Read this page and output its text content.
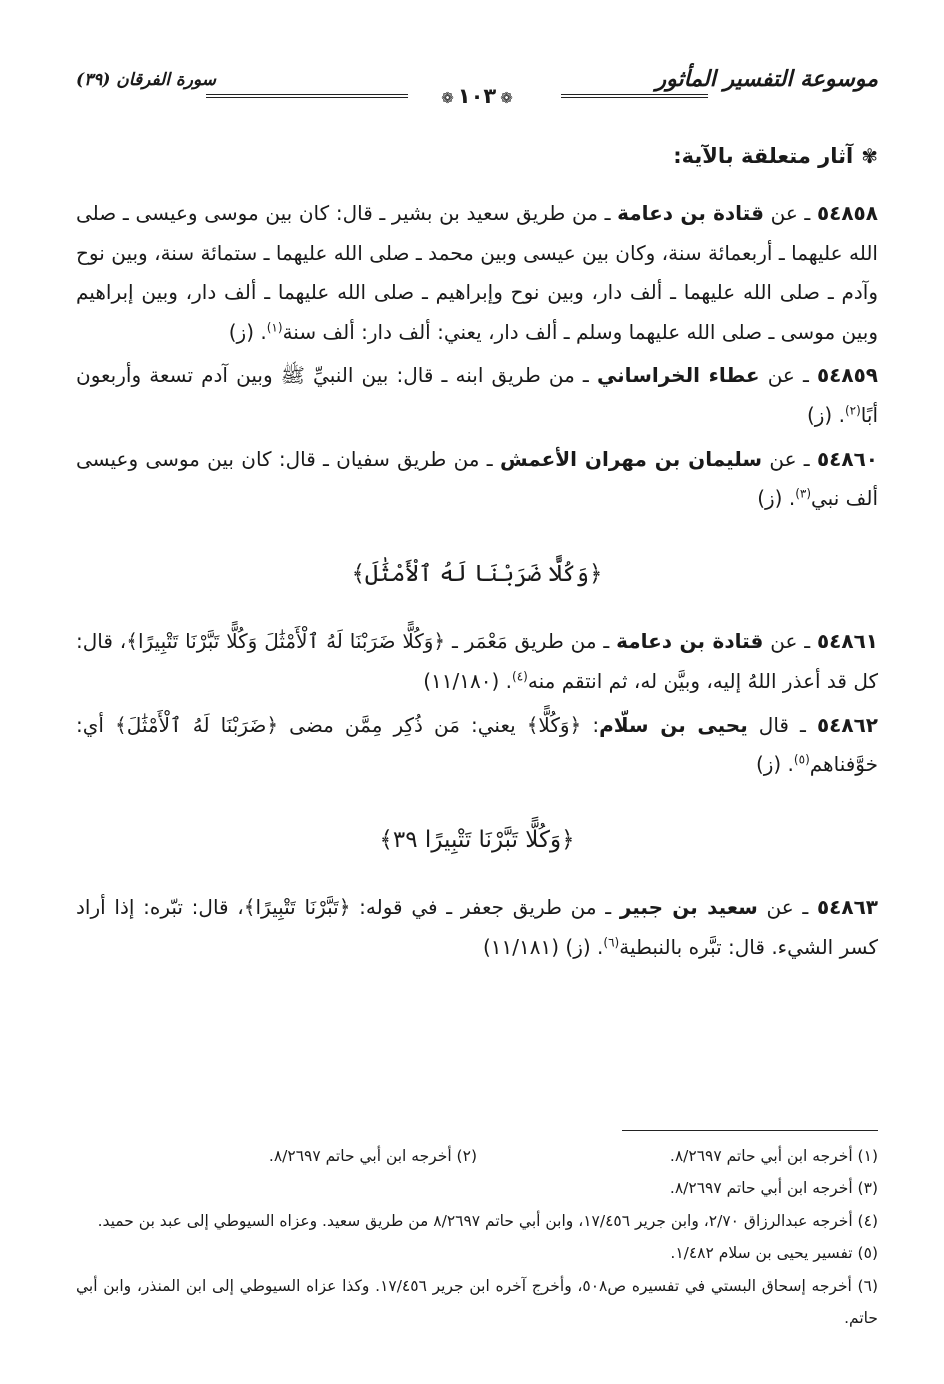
موسوعة التفسير المأثور
❁١٠٣❁
سورة الفرقان (٣٩)
✾آثار متعلقة بالآية:

٥٤٨٥٨ ـ عن قتادة بن دعامة ـ من طريق سعيد بن بشير ـ قال: كان بين موسى وعيسى ـ صلى الله عليهما ـ أربعمائة سنة، وكان بين عيسى وبين محمد ـ صلى الله عليهما ـ ستمائة سنة، وبين نوح وآدم ـ صلى الله عليهما ـ ألف دار، وبين نوح وإبراهيم ـ صلى الله عليهما ـ ألف دار، وبين إبراهيم وبين موسى ـ صلى الله عليهما وسلم ـ ألف دار، يعني: ألف دار: ألف سنة$^{(١)}$. (ز)

٥٤٨٥٩ ـ عن عطاء الخراساني ـ من طريق ابنه ـ قال: بين النبيِّ ﷺ وبين آدم تسعة وأربعون أبًا$^{(٢)}$. (ز)

٥٤٨٦٠ ـ عن سليمان بن مهران الأعمش ـ من طريق سفيان ـ قال: كان بين موسى وعيسى ألف نبي$^{(٣)}$. (ز)

﴿وَكُلًّا ضَرَبْنَا لَهُ ٱلْأَمْثَٰلَ﴾

٥٤٨٦١ ـ عن قتادة بن دعامة ـ من طريق مَعْمَر ـ ﴿وَكُلًّا ضَرَبْنَا لَهُ ٱلْأَمْثَٰلَ وَكُلًّا تَبَّرْنَا تَتْبِيرًا﴾، قال: كل قد أعذر اللهُ إليه، وبيَّن له، ثم انتقم منه$^{(٤)}$. (١١/١٨٠)

٥٤٨٦٢ ـ قال يحيى بن سلّام: ﴿وَكُلًّا﴾ يعني: مَن ذُكِر مِمَّن مضى ﴿ضَرَبْنَا لَهُ ٱلْأَمْثَٰلَ﴾ أي: خوَّفناهم$^{(٥)}$. (ز)

﴿وَكُلًّا تَبَّرْنَا تَتْبِيرًا ٣٩﴾

٥٤٨٦٣ ـ عن سعيد بن جبير ـ من طريق جعفر ـ في قوله: ﴿تَبَّرْنَا تَتْبِيرًا﴾، قال: تبّره: إذا أراد كسر الشيء. قال: تبَّره بالنبطية$^{(٦)}$. (ز) (١١/١٨١)

(١) أخرجه ابن أبي حاتم ٨/٢٦٩٧.
(٢) أخرجه ابن أبي حاتم ٨/٢٦٩٧.
(٣) أخرجه ابن أبي حاتم ٨/٢٦٩٧.
(٤) أخرجه عبدالرزاق ٢/٧٠، وابن جرير ١٧/٤٥٦، وابن أبي حاتم ٨/٢٦٩٧ من طريق سعيد. وعزاه السيوطي إلى عبد بن حميد.
(٥) تفسير يحيى بن سلام ١/٤٨٢.
(٦) أخرجه إسحاق البستي في تفسيره ص٥٠٨، وأخرج آخره ابن جرير ١٧/٤٥٦. وكذا عزاه السيوطي إلى ابن المنذر، وابن أبي حاتم.
